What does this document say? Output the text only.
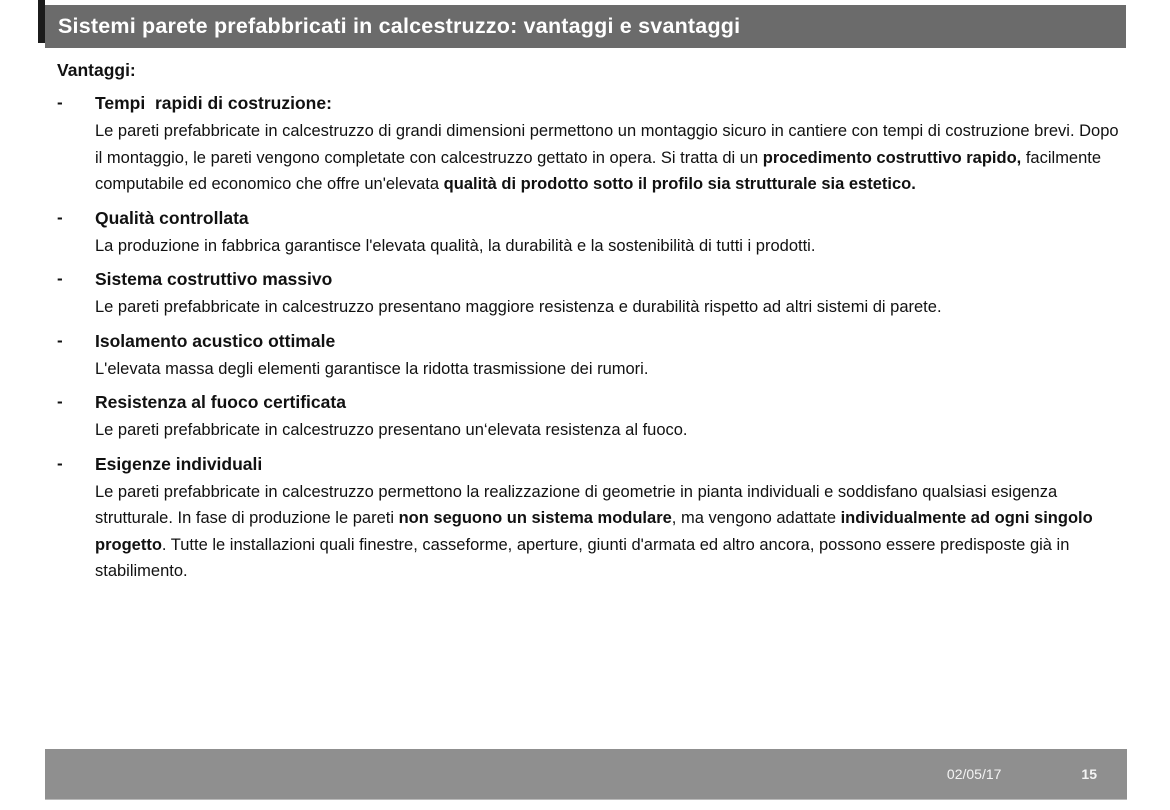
Sistemi parete prefabbricati in calcestruzzo: vantaggi e svantaggi

Vantaggi:

-	Tempi  rapidi di costruzione:

Le pareti prefabbricate in calcestruzzo di grandi dimensioni permettono un montaggio sicuro in cantiere con tempi di costruzione brevi. Dopo il montaggio, le pareti vengono completate con calcestruzzo gettato in opera. Si tratta di un procedimento costruttivo rapido, facilmente computabile ed economico che offre un'elevata qualità di prodotto sotto il profilo sia strutturale sia estetico.

-	Qualità controllata

La produzione in fabbrica garantisce l'elevata qualità, la durabilità e la sostenibilità di tutti i prodotti.

-	Sistema costruttivo massivo

Le pareti prefabbricate in calcestruzzo presentano maggiore resistenza e durabilità rispetto ad altri sistemi di parete.

-	Isolamento acustico ottimale

L'elevata massa degli elementi garantisce la ridotta trasmissione dei rumori.

-	Resistenza al fuoco certificata

Le pareti prefabbricate in calcestruzzo presentano un‘elevata resistenza al fuoco.

-	Esigenze individuali

Le pareti prefabbricate in calcestruzzo permettono la realizzazione di geometrie in pianta individuali e soddisfano qualsiasi esigenza strutturale. In fase di produzione le pareti non seguono un sistema modulare, ma vengono adattate individualmente ad ogni singolo progetto. Tutte le installazioni quali finestre, casseforme, aperture, giunti d'armata ed altro ancora, possono essere predisposte già in stabilimento.

02/05/17	15
